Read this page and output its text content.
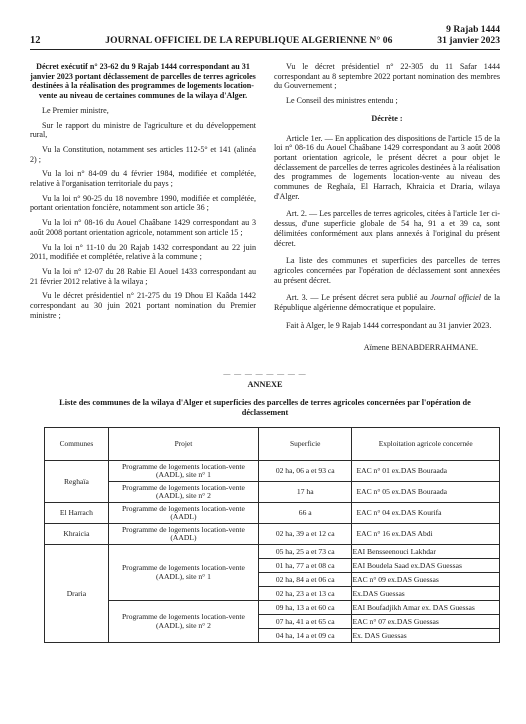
12	JOURNAL OFFICIEL DE LA REPUBLIQUE ALGERIENNE N° 06
9 Rajab 1444
31 janvier 2023

Décret exécutif n° 23-62 du 9 Rajab 1444 correspondant au 31 janvier 2023 portant déclassement de parcelles de terres agricoles destinées à la réalisation des programmes de logements location-vente au niveau de certaines communes de la wilaya d'Alger.

Le Premier ministre,

Sur le rapport du ministre de l'agriculture et du développement rural,

Vu la Constitution, notamment ses articles 112-5° et 141 (alinéa 2) ;

Vu la loi n° 84-09 du 4 février 1984, modifiée et complétée, relative à l'organisation territoriale du pays ;

Vu la loi n° 90-25 du 18 novembre 1990, modifiée et complétée, portant orientation foncière, notamment son article 36 ;

Vu la loi n° 08-16 du Aouel Chaâbane 1429 correspondant au 3 août 2008 portant orientation agricole, notamment son article 15 ;

Vu la loi n° 11-10 du 20 Rajab 1432 correspondant au 22 juin 2011, modifiée et complétée, relative à la commune ;

Vu la loi n° 12-07 du 28 Rabie El Aouel 1433 correspondant au 21 février 2012 relative à la wilaya ;

Vu le décret présidentiel n° 21-275 du 19 Dhou El Kaâda 1442 correspondant au 30 juin 2021 portant nomination du Premier ministre ;

Vu le décret présidentiel n° 22-305 du 11 Safar 1444 correspondant au 8 septembre 2022 portant nomination des membres du Gouvernement ;

Le Conseil des ministres entendu ;

Décrète :

Article 1er. — En application des dispositions de l'article 15 de la loi n° 08-16 du Aouel Chaâbane 1429 correspondant au 3 août 2008 portant orientation agricole, le présent décret a pour objet le déclassement de parcelles de terres agricoles destinées à la réalisation des programmes de logements location-vente au niveau des communes de Reghaïa, El Harrach, Khraicia et Draria, wilaya d'Alger.

Art. 2. — Les parcelles de terres agricoles, citées à l'article 1er ci-dessus, d'une superficie globale de 54 ha, 91 a et 39 ca, sont délimitées conformément aux plans annexés à l'original du présent décret.

La liste des communes et superficies des parcelles de terres agricoles concernées par l'opération de déclassement sont annexées au présent décret.

Art. 3. — Le présent décret sera publié au Journal officiel de la République algérienne démocratique et populaire.

Fait à Alger, le 9 Rajab 1444 correspondant au 31 janvier 2023.

Aïmene BENABDERRAHMANE.

— — — — — — — —
ANNEXE
Liste des communes de la wilaya d'Alger et superficies des parcelles de terres agricoles concernées par l'opération de déclassement
Communes	Projet	Superficie	Exploitation agricole concernée
Reghaïa	Programme de logements location-vente (AADL), site n° 1	02 ha, 06 a et 93 ca	EAC n° 01 ex.DAS Bouraada
	Programme de logements location-vente (AADL), site n° 2	17 ha	EAC n° 05 ex.DAS Bouraada
El Harrach	Programme de logements location-vente (AADL)	66 a	EAC n° 04 ex.DAS Kourifa
Khraicia	Programme de logements location-vente (AADL)	02 ha, 39 a et 12 ca	EAC n° 16 ex.DAS Abdi
Draria	Programme de logements location-vente (AADL), site n° 1	05 ha, 25 a et 73 ca	EAI Bensseenouci Lakhdar
		01 ha, 77 a et 08 ca	EAI Boudela Saad ex.DAS Guessas
		02 ha, 84 a et 06 ca	EAC n° 09 ex.DAS Guessas
		02 ha, 23 a et 13 ca	Ex.DAS Guessas
	Programme de logements location-vente (AADL), site n° 2	09 ha, 13 a et 60 ca	EAI Boufadjikh Amar ex. DAS Guessas
		07 ha, 41 a et 65 ca	EAC n° 07 ex.DAS Guessas
		04 ha, 14 a et 09 ca	Ex. DAS Guessas
